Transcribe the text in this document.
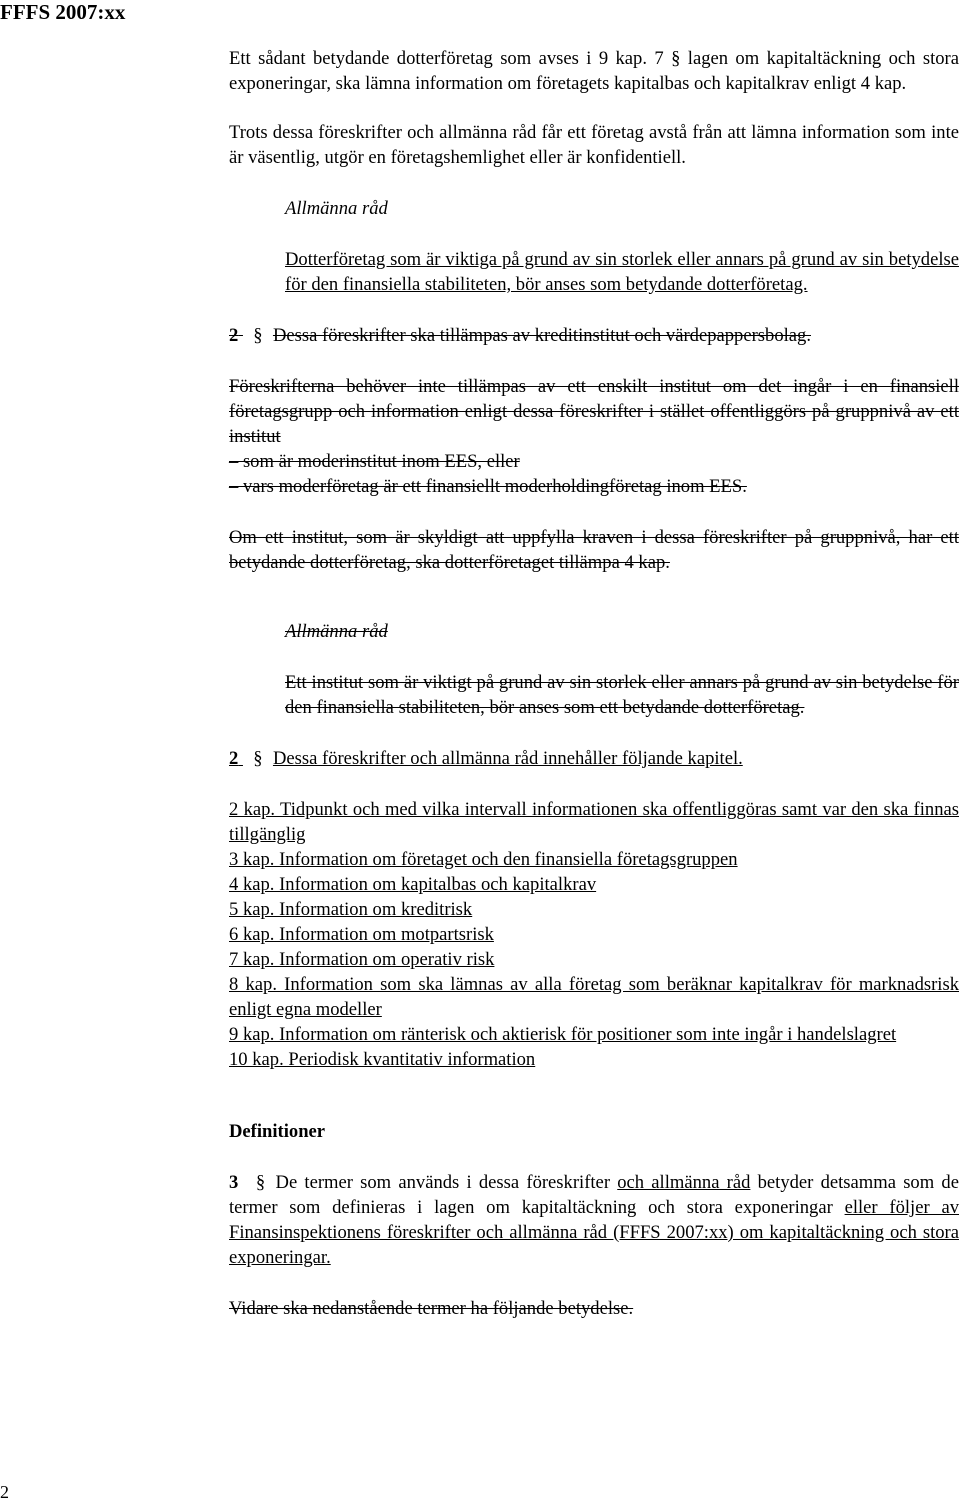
FFFS 2007:xx

Ett sådant betydande dotterföretag som avses i 9 kap. 7 § lagen om kapitaltäckning och stora exponeringar, ska lämna information om företagets kapitalbas och kapitalkrav enligt 4 kap.

Trots dessa föreskrifter och allmänna råd får ett företag avstå från att lämna information som inte är väsentlig, utgör en företagshemlighet eller är konfidentiell.

Allmänna råd

Dotterföretag som är viktiga på grund av sin storlek eller annars på grund av sin betydelse för den finansiella stabiliteten, bör anses som betydande dotterföretag.

2 § Dessa föreskrifter ska tillämpas av kreditinstitut och värdepappersbolag.

Föreskrifterna behöver inte tillämpas av ett enskilt institut om det ingår i en finansiell företagsgrupp och information enligt dessa föreskrifter i stället offentliggörs på gruppnivå av ett institut

– som är moderinstitut inom EES, eller

– vars moderföretag är ett finansiellt moderholdingföretag inom EES.

Om ett institut, som är skyldigt att uppfylla kraven i dessa föreskrifter på gruppnivå, har ett betydande dotterföretag, ska dotterföretaget tillämpa 4 kap.

Allmänna råd

Ett institut som är viktigt på grund av sin storlek eller annars på grund av sin betydelse för den finansiella stabiliteten, bör anses som ett betydande dotterföretag.

2 § Dessa föreskrifter och allmänna råd innehåller följande kapitel.

2 kap. Tidpunkt och med vilka intervall informationen ska offentliggöras samt var den ska finnas tillgänglig

3 kap. Information om företaget och den finansiella företagsgruppen

4 kap. Information om kapitalbas och kapitalkrav

5 kap. Information om kreditrisk

6 kap. Information om motpartsrisk

7 kap. Information om operativ risk

8 kap. Information som ska lämnas av alla företag som beräknar kapitalkrav för marknadsrisk enligt egna modeller

9 kap. Information om ränterisk och aktierisk för positioner som inte ingår i handelslagret

10 kap. Periodisk kvantitativ information

Definitioner

3 § De termer som används i dessa föreskrifter och allmänna råd betyder detsamma som de termer som definieras i lagen om kapitaltäckning och stora exponeringar eller följer av Finansinspektionens föreskrifter och allmänna råd (FFFS 2007:xx) om kapitaltäckning och stora exponeringar.

Vidare ska nedanstående termer ha följande betydelse.

2
